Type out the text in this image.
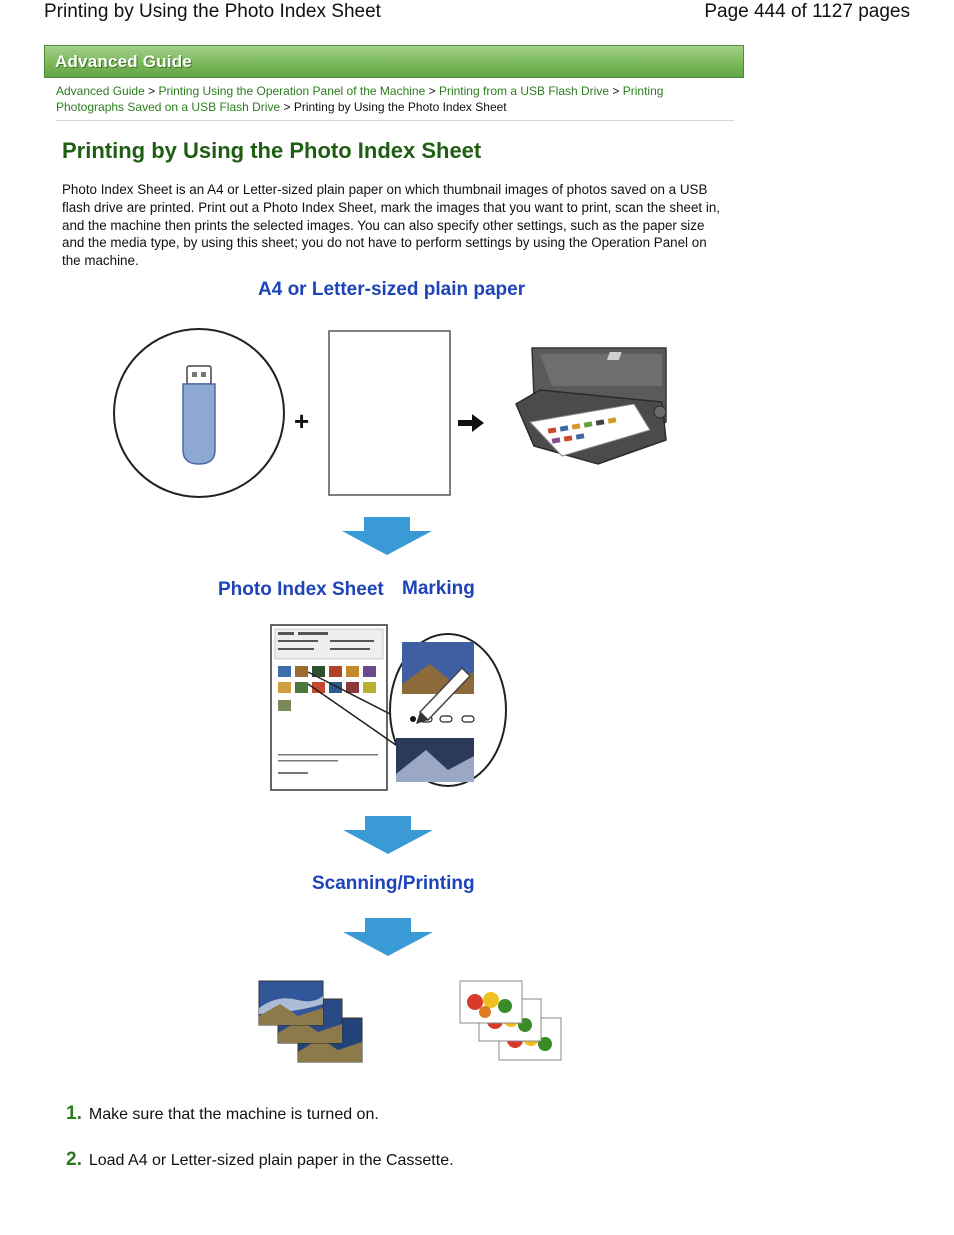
Printing by Using the Photo Index Sheet	Page 444 of 1127 pages
Advanced Guide
Advanced Guide > Printing Using the Operation Panel of the Machine > Printing from a USB Flash Drive > Printing Photographs Saved on a USB Flash Drive > Printing by Using the Photo Index Sheet
Printing by Using the Photo Index Sheet

Photo Index Sheet is an A4 or Letter-sized plain paper on which thumbnail images of photos saved on a USB flash drive are printed. Print out a Photo Index Sheet, mark the images that you want to print, scan the sheet in, and the machine then prints the selected images. You can also specify other settings, such as the paper size and the media type, by using this sheet; you do not have to perform settings by using the Operation Panel on the machine.

A4 or Letter-sized plain paper
Photo Index Sheet Marking
Scanning/Printing
+
1. Make sure that the machine is turned on.
2. Load A4 or Letter-sized plain paper in the Cassette.
